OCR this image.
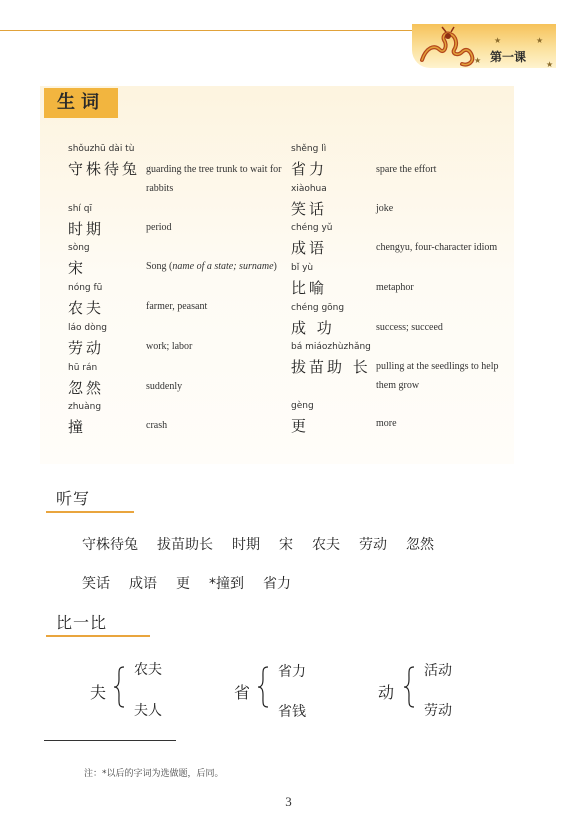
★	★
★	★
第一课
生词
shǒuzhū dài tù
守株待兔 guarding the tree trunk to wait for rabbits
shí qī
时期	period
sòng
宋	Song (name of a state; surname)
nóng fū
农夫	farmer, peasant
láo dòng
劳动	work; labor
hū rán
忽然	suddenly
zhuàng
撞	crash
shěng lì
省力	spare the effort
xiàohua
笑话	joke
chéng yǔ
成语	chengyu, four-character idiom
bǐ yù
比喻	metaphor
chéng gōng
成 功	success; succeed
bá miáozhùzhǎng
拔苗助 长 pulling at the seedlings to help them grow
gèng
更	more
听写
守株待兔 拔苗助长 时期 宋 农夫 劳动 忽然
笑话 成语 更 *撞到 省力
比一比
夫
农夫
夫人
省
省力
省钱
动
活动
劳动
注：*以后的字词为选做题，后同。
3
